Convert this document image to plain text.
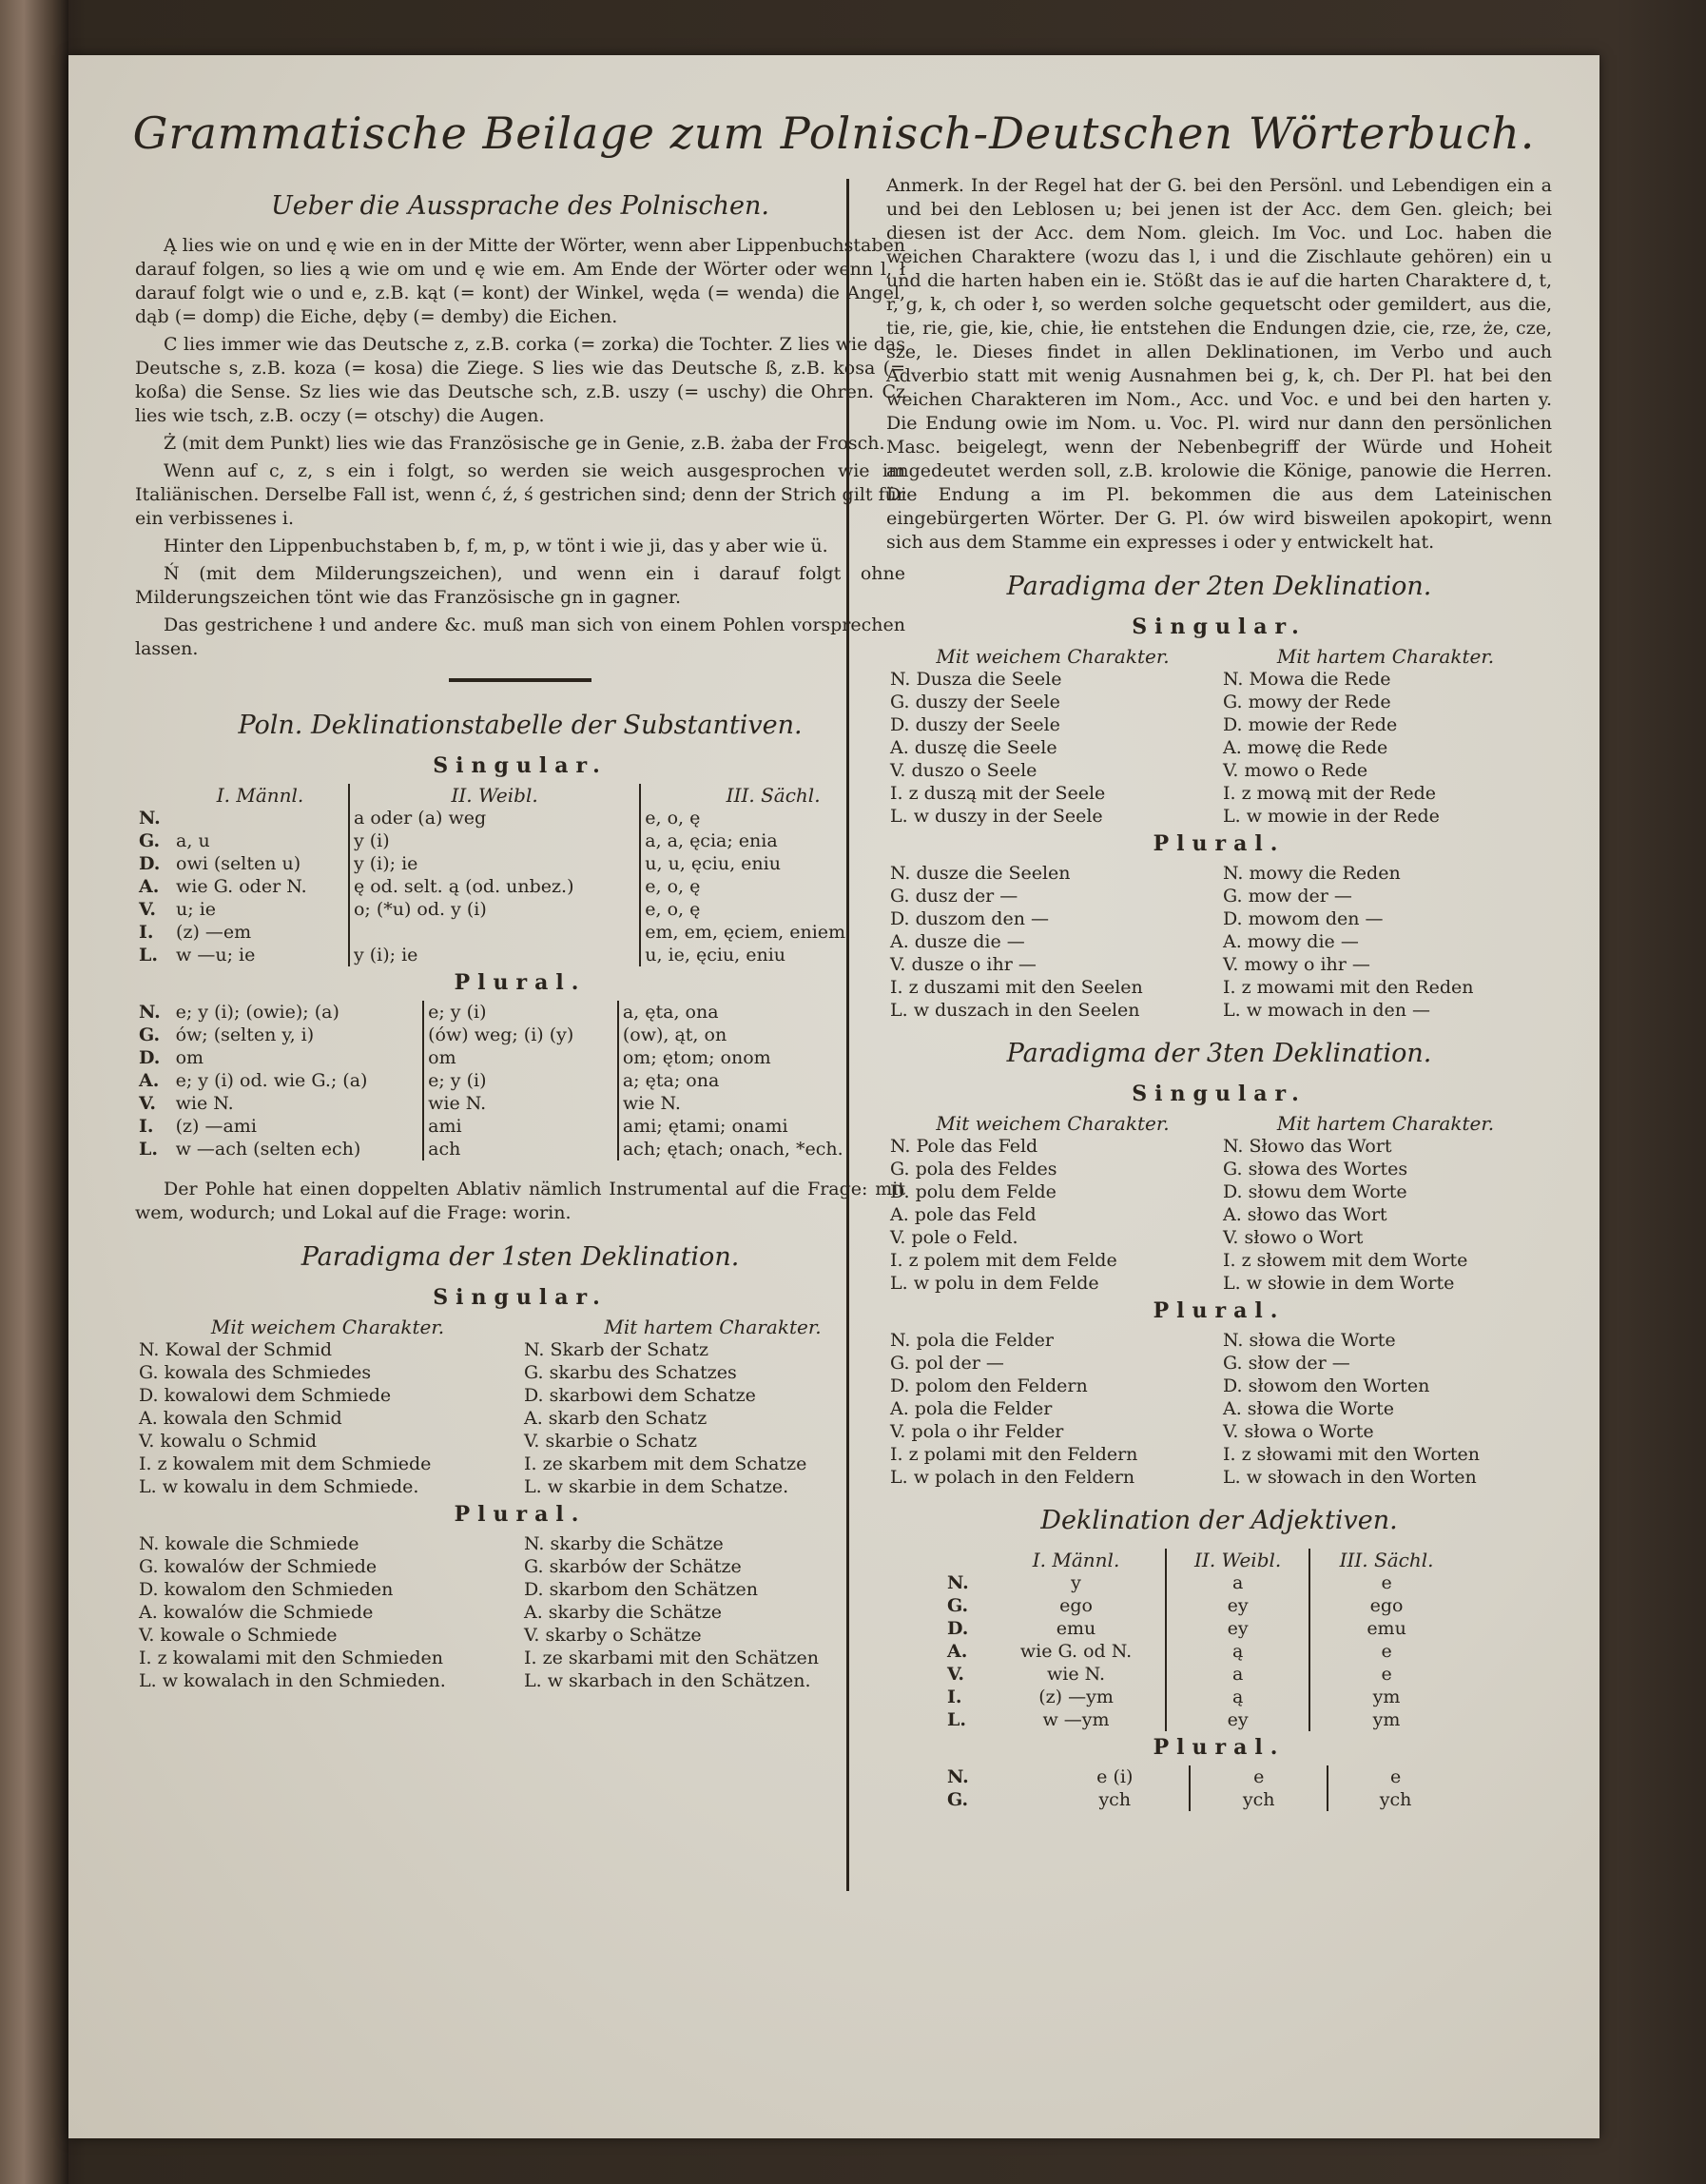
Grammatische Beilage zum Polnisch-Deutschen Wörterbuch.
Ueber die Aussprache des Polnischen.

Ą lies wie on und ę wie en in der Mitte der Wörter, wenn aber Lippenbuchstaben darauf folgen, so lies ą wie om und ę wie em. Am Ende der Wörter oder wenn l, ł darauf folgt wie o und e, z.B. kąt (= kont) der Winkel, węda (= wenda) die Angel, dąb (= domp) die Eiche, dęby (= demby) die Eichen.

C lies immer wie das Deutsche z, z.B. corka (= zorka) die Tochter. Z lies wie das Deutsche s, z.B. koza (= kosa) die Ziege. S lies wie das Deutsche ß, z.B. kosa (= koßa) die Sense. Sz lies wie das Deutsche sch, z.B. uszy (= uschy) die Ohren. Cz lies wie tsch, z.B. oczy (= otschy) die Augen.

Ż (mit dem Punkt) lies wie das Französische ge in Genie, z.B. żaba der Frosch.

Wenn auf c, z, s ein i folgt, so werden sie weich ausgesprochen wie im Italiänischen. Derselbe Fall ist, wenn ć, ź, ś gestrichen sind; denn der Strich gilt für ein verbissenes i.

Hinter den Lippenbuchstaben b, f, m, p, w tönt i wie ji, das y aber wie ü.

Ń (mit dem Milderungszeichen), und wenn ein i darauf folgt ohne Milderungszeichen tönt wie das Französische gn in gagner.

Das gestrichene ł und andere &c. muß man sich von einem Pohlen vorsprechen lassen.

Poln. Deklinationstabelle der Substantiven.
Singular.
	I. Männl.	II. Weibl.	III. Sächl.
N.		a oder (a) weg	e, o, ę
G.	a, u	y (i)	a, a, ęcia; enia
D.	owi (selten u)	y (i); ie	u, u, ęciu, eniu
A.	wie G. oder N.	ę od. selt. ą (od. unbez.)	e, o, ę
V.	u; ie	o; (*u) od. y (i)	e, o, ę
I.	(z) —em		em, em, ęciem, eniem
L.	w —u; ie	y (i); ie	u, ie, ęciu, eniu
Plural.
N.	e; y (i); (owie); (a)	e; y (i)	a, ęta, ona
G.	ów; (selten y, i)	(ów) weg; (i) (y)	(ow), ąt, on
D.	om	om	om; ętom; onom
A.	e; y (i) od. wie G.; (a)	e; y (i)	a; ęta; ona
V.	wie N.	wie N.	wie N.
I.	(z) —ami	ami	ami; ętami; onami
L.	w —ach (selten ech)	ach	ach; ętach; onach, *ech.

Der Pohle hat einen doppelten Ablativ nämlich Instrumental auf die Frage: mit wem, wodurch; und Lokal auf die Frage: worin.

Paradigma der 1sten Deklination.
Singular.
Mit weichem Charakter.	Mit hartem Charakter.
N. Kowal der Schmid	N. Skarb der Schatz
G. kowala des Schmiedes	G. skarbu des Schatzes
D. kowalowi dem Schmiede	D. skarbowi dem Schatze
A. kowala den Schmid	A. skarb den Schatz
V. kowalu o Schmid	V. skarbie o Schatz
I. z kowalem mit dem Schmiede	I. ze skarbem mit dem Schatze
L. w kowalu in dem Schmiede.	L. w skarbie in dem Schatze.
Plural.
N. kowale die Schmiede	N. skarby die Schätze
G. kowalów der Schmiede	G. skarbów der Schätze
D. kowalom den Schmieden	D. skarbom den Schätzen
A. kowalów die Schmiede	A. skarby die Schätze
V. kowale o Schmiede	V. skarby o Schätze
I. z kowalami mit den Schmieden	I. ze skarbami mit den Schätzen
L. w kowalach in den Schmieden.	L. w skarbach in den Schätzen.

Anmerk. In der Regel hat der G. bei den Persönl. und Lebendigen ein a und bei den Leblosen u; bei jenen ist der Acc. dem Gen. gleich; bei diesen ist der Acc. dem Nom. gleich. Im Voc. und Loc. haben die weichen Charaktere (wozu das l, i und die Zischlaute gehören) ein u und die harten haben ein ie. Stößt das ie auf die harten Charaktere d, t, r, g, k, ch oder ł, so werden solche gequetscht oder gemildert, aus die, tie, rie, gie, kie, chie, łie entstehen die Endungen dzie, cie, rze, że, cze, sze, le. Dieses findet in allen Deklinationen, im Verbo und auch Adverbio statt mit wenig Ausnahmen bei g, k, ch. Der Pl. hat bei den weichen Charakteren im Nom., Acc. und Voc. e und bei den harten y. Die Endung owie im Nom. u. Voc. Pl. wird nur dann den persönlichen Masc. beigelegt, wenn der Nebenbegriff der Würde und Hoheit angedeutet werden soll, z.B. krolowie die Könige, panowie die Herren. Die Endung a im Pl. bekommen die aus dem Lateinischen eingebürgerten Wörter. Der G. Pl. ów wird bisweilen apokopirt, wenn sich aus dem Stamme ein expresses i oder y entwickelt hat.

Paradigma der 2ten Deklination.
Singular.
Mit weichem Charakter.	Mit hartem Charakter.
N. Dusza die Seele	N. Mowa die Rede
G. duszy der Seele	G. mowy der Rede
D. duszy der Seele	D. mowie der Rede
A. duszę die Seele	A. mowę die Rede
V. duszo o Seele	V. mowo o Rede
I. z duszą mit der Seele	I. z mową mit der Rede
L. w duszy in der Seele	L. w mowie in der Rede
Plural.
N. dusze die Seelen	N. mowy die Reden
G. dusz der —	G. mow der —
D. duszom den —	D. mowom den —
A. dusze die —	A. mowy die —
V. dusze o ihr —	V. mowy o ihr —
I. z duszami mit den Seelen	I. z mowami mit den Reden
L. w duszach in den Seelen	L. w mowach in den —
Paradigma der 3ten Deklination.
Singular.
Mit weichem Charakter.	Mit hartem Charakter.
N. Pole das Feld	N. Słowo das Wort
G. pola des Feldes	G. słowa des Wortes
D. polu dem Felde	D. słowu dem Worte
A. pole das Feld	A. słowo das Wort
V. pole o Feld.	V. słowo o Wort
I. z polem mit dem Felde	I. z słowem mit dem Worte
L. w polu in dem Felde	L. w słowie in dem Worte
Plural.
N. pola die Felder	N. słowa die Worte
G. pol der —	G. słow der —
D. polom den Feldern	D. słowom den Worten
A. pola die Felder	A. słowa die Worte
V. pola o ihr Felder	V. słowa o Worte
I. z polami mit den Feldern	I. z słowami mit den Worten
L. w polach in den Feldern	L. w słowach in den Worten
Deklination der Adjektiven.
	I. Männl.	II. Weibl.	III. Sächl.
N.	y	a	e
G.	ego	ey	ego
D.	emu	ey	emu
A.	wie G. od N.	ą	e
V.	wie N.	a	e
I.	(z) —ym	ą	ym
L.	w —ym	ey	ym
Plural.
N.	e (i)	e	e
G.	ych	ych	ych
